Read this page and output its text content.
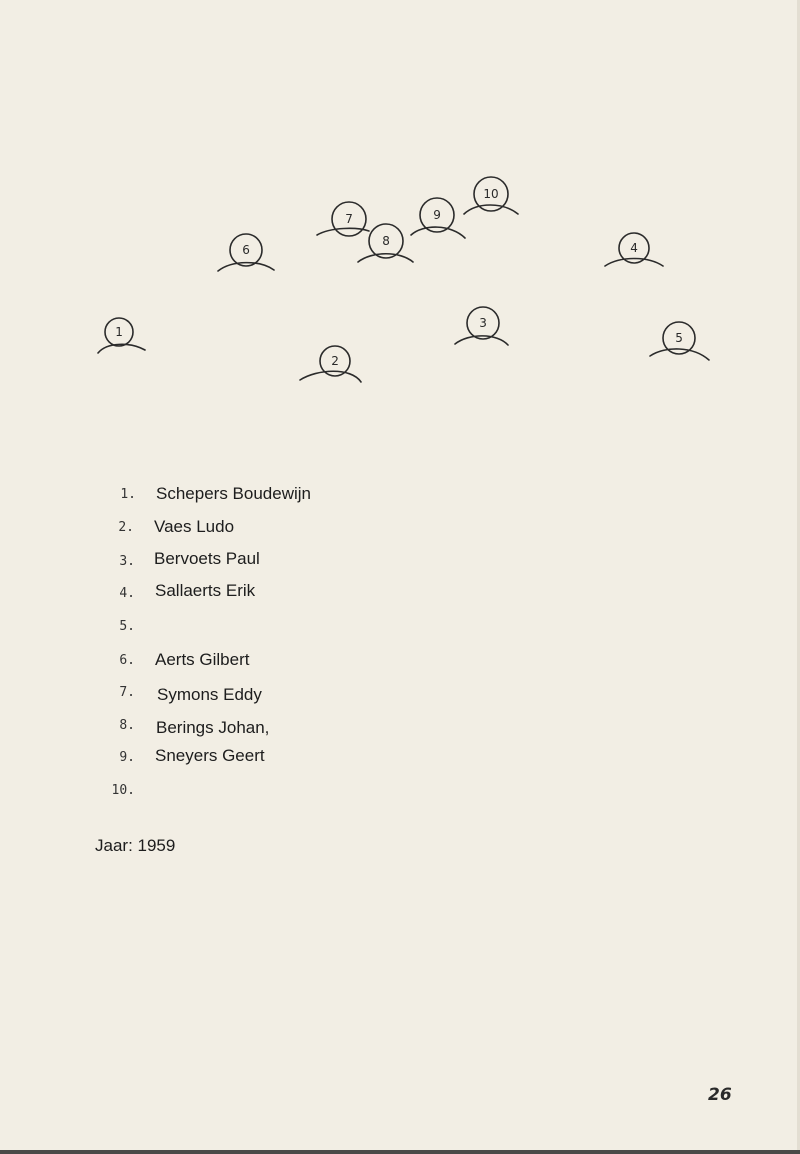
1
2
3
4
5
6
7
8
9
10
1. Schepers Boudewijn
2. Vaes Ludo
3. Bervoets Paul
4. Sallaerts Erik
5.
6. Aerts Gilbert
7. Symons Eddy
8. Berings Johan,
9. Sneyers Geert
10.
Jaar: 1959
26
